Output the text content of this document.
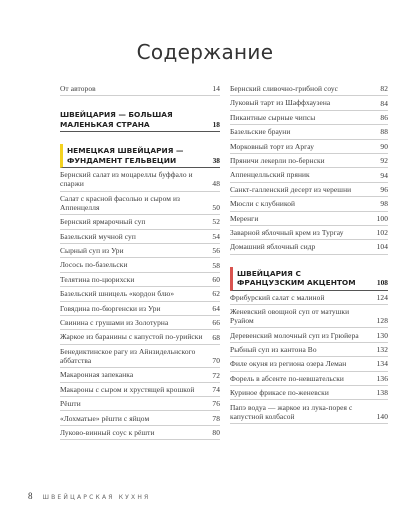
Содержание
От авторов	14
ШВЕЙЦАРИЯ — БОЛЬШАЯ МАЛЕНЬКАЯ СТРАНА	18
НЕМЕЦКАЯ ШВЕЙЦАРИЯ — ФУНДАМЕНТ ГЕЛЬВЕЦИИ	38
Бернский салат из моцареллы буффало и спаржи	48
Салат с красной фасолью и сыром из Аппенцелля	50
Бернский ярмарочный суп	52
Базельский мучной суп	54
Сырный суп из Ури	56
Лосось по-базельски	58
Телятина по-цюрихски	60
Базельский шницель «кордон блю»	62
Говядина по-бюргенски из Ури	64
Свинина с грушами из Золотурна	66
Жаркое из баранины с капустой по-урийски 68
Бенедиктинское рагу из Айнзидельнского аббатства	70
Макаронная запеканка	72
Макароны с сыром и хрустящей крошкой 74
Рёшти	76
«Лохматые» рёшти с яйцом	78
Луково-винный соус к рёшти	80
Бернский сливочно-грибной соус	82
Луковый тарт из Шаффхаузена	84
Пикантные сырные чипсы	86
Базельские брауни	88
Морковный торт из Аргау	90
Пряничи лекерли по-бернски	92
Аппенцелльский пряник	94
Санкт-галленский десерт из черешни	96
Мюсли с клубникой	98
Меренги	100
Заварной яблочный крем из Тургау	102
Домашний яблочный сидр	104
ШВЕЙЦАРИЯ С ФРАНЦУЗСКИМ АКЦЕНТОМ	108
Фрибурский салат с малиной	124
Женевский овощной суп от матушки Руайом	128
Деревенский молочный суп из Грюйера 130
Рыбный суп из кантона Во	132
Филе окуня из региона озера Леман	134
Форель в абсенте по-невшательски	136
Куриное фрикасе по-женевски	138
Папэ водуа — жаркое из лука-порея с капустной колбасой	140
8 ШВЕЙЦАРСКАЯ КУХНЯ
